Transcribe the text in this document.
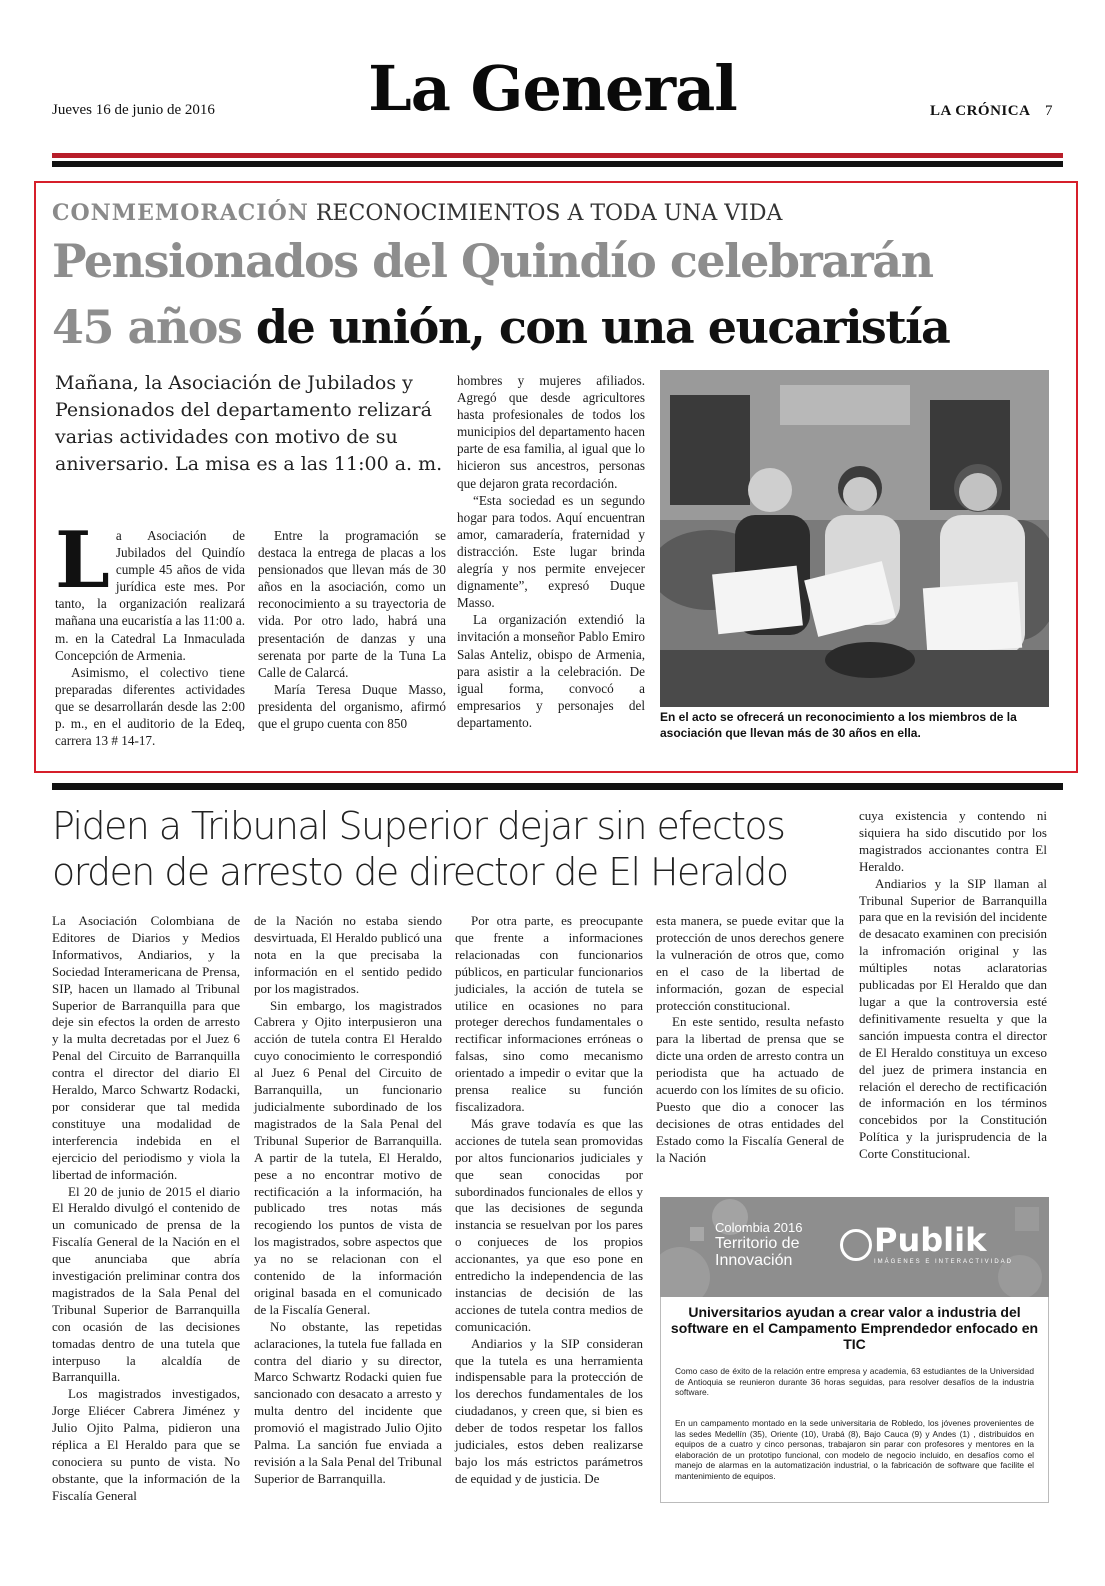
Jueves 16 de junio de 2016	La General	LA CRÓNICA 7
CONMEMORACIÓN RECONOCIMIENTOS A TODA UNA VIDA
Pensionados del Quindío celebrarán
45 años de unión, con una eucaristía
Mañana, la Asociación de Jubilados y Pensionados del departamento relizará varias actividades con motivo de su aniversario. La misa es a las 11:00 a. m.

La Asociación de Jubilados del Quindío cumple 45 años de vida jurídica este mes. Por tanto, la organización realizará mañana una eucaristía a las 11:00 a. m. en la Catedral La Inmaculada Concepción de Armenia.

Asimismo, el colectivo tiene preparadas diferentes actividades que se desarrollarán desde las 2:00 p. m., en el auditorio de la Edeq, carrera 13 # 14-17.

Entre la programación se destaca la entrega de placas a los pensionados que llevan más de 30 años en la asociación, como un reconocimiento a su trayectoria de vida. Por otro lado, habrá una presentación de danzas y una serenata por parte de la Tuna La Calle de Calarcá.

María Teresa Duque Masso, presidenta del organismo, afirmó que el grupo cuenta con 850

hombres y mujeres afiliados. Agregó que desde agricultores hasta profesionales de todos los municipios del departamento hacen parte de esa familia, al igual que lo hicieron sus ancestros, personas que dejaron grata recordación.

“Esta sociedad es un segundo hogar para todos. Aquí encuentran amor, camaradería, fraternidad y distracción. Este lugar brinda alegría y nos permite envejecer dignamente”, expresó Duque Masso.

La organización extendió la invitación a monseñor Pablo Emiro Salas Anteliz, obispo de Armenia, para asistir a la celebración. De igual forma, convocó a empresarios y personajes del departamento.	En el acto se ofrecerá un reconocimiento a los miembros de la asociación que llevan más de 30 años en ella.
Piden a Tribunal Superior dejar sin efectos orden de arresto de director de El Heraldo

La Asociación Colombiana de Editores de Diarios y Medios Informativos, Andiarios, y la Sociedad Interamericana de Prensa, SIP, hacen un llamado al Tribunal Superior de Barranquilla para que deje sin efectos la orden de arresto y la multa decretadas por el Juez 6 Penal del Circuito de Barranquilla contra el director del diario El Heraldo, Marco Schwartz Rodacki, por considerar que tal medida constituye una modalidad de interferencia indebida en el ejercicio del periodismo y viola la libertad de información.

El 20 de junio de 2015 el diario El Heraldo divulgó el contenido de un comunicado de prensa de la Fiscalía General de la Nación en el que anunciaba que abría investigación preliminar contra dos magistrados de la Sala Penal del Tribunal Superior de Barranquilla con ocasión de las decisiones tomadas dentro de una tutela que interpuso la alcaldía de Barranquilla.

Los magistrados investigados, Jorge Eliécer Cabrera Jiménez y Julio Ojito Palma, pidieron una réplica a El Heraldo para que se conociera su punto de vista. No obstante, que la información de la Fiscalía General

de la Nación no estaba siendo desvirtuada, El Heraldo publicó una nota en la que precisaba la información en el sentido pedido por los magistrados.

Sin embargo, los magistrados Cabrera y Ojito interpusieron una acción de tutela contra El Heraldo cuyo conocimiento le correspondió al Juez 6 Penal del Circuito de Barranquilla, un funcionario judicialmente subordinado de los magistrados de la Sala Penal del Tribunal Superior de Barranquilla. A partir de la tutela, El Heraldo, pese a no encontrar motivo de rectificación a la información, ha publicado tres notas más recogiendo los puntos de vista de los magistrados, sobre aspectos que ya no se relacionan con el contenido de la información original basada en el comunicado de la Fiscalía General.

No obstante, las repetidas aclaraciones, la tutela fue fallada en contra del diario y su director, Marco Schwartz Rodacki quien fue sancionado con desacato a arresto y multa dentro del incidente que promovió el magistrado Julio Ojito Palma. La sanción fue enviada a revisión a la Sala Penal del Tribunal Superior de Barranquilla.

Por otra parte, es preocupante que frente a informaciones relacionadas con funcionarios públicos, en particular funcionarios judiciales, la acción de tutela se utilice en ocasiones no para proteger derechos fundamentales o rectificar informaciones erróneas o falsas, sino como mecanismo orientado a impedir o evitar que la prensa realice su función fiscalizadora.

Más grave todavía es que las acciones de tutela sean promovidas por altos funcionarios judiciales y que sean conocidas por subordinados funcionales de ellos y que las decisiones de segunda instancia se resuelvan por los pares o conjueces de los propios accionantes, ya que eso pone en entredicho la independencia de las instancias de decisión de las acciones de tutela contra medios de comunicación.

Andiarios y la SIP consideran que la tutela es una herramienta indispensable para la protección de los derechos fundamentales de los ciudadanos, y creen que, si bien es deber de todos respetar los fallos judiciales, estos deben realizarse bajo los más estrictos parámetros de equidad y de justicia. De

esta manera, se puede evitar que la protección de unos derechos genere la vulneración de otros que, como en el caso de la libertad de información, gozan de especial protección constitucional.

En este sentido, resulta nefasto para la libertad de prensa que se dicte una orden de arresto contra un periodista que ha actuado de acuerdo con los límites de su oficio. Puesto que dio a conocer las decisiones de otras entidades del Estado como la Fiscalía General de la Nación

cuya existencia y contendo ni siquiera ha sido discutido por los magistrados accionantes contra El Heraldo.

Andiarios y la SIP llaman al Tribunal Superior de Barranquilla para que en la revisión del incidente de desacato examinen con precisión la infromación original y las múltiples notas aclaratorias publicadas por El Heraldo que dan lugar a que la controversia esté definitivamente resuelta y que la sanción impuesta contra el director de El Heraldo constituya un exceso del juez de primera instancia en relación el derecho de rectificación de información en los términos concebidos por la Constitución Política y la jurisprudencia de la Corte Constitucional.

Colombia 2016
Territorio de
Innovación
Publik
IMÁGENES E INTERACTIVIDAD
Universitarios ayudan a crear valor a industria del software en el Campamento Emprendedor enfocado en TIC
Como caso de éxito de la relación entre empresa y academia, 63 estudiantes de la Universidad de Antioquia se reunieron durante 36 horas seguidas, para resolver desafíos de la industria software.
En un campamento montado en la sede universitaria de Robledo, los jóvenes provenientes de las sedes Medellín (35), Oriente (10), Urabá (8), Bajo Cauca (9) y Andes (1) , distribuidos en equipos de a cuatro y cinco personas, trabajaron sin parar con profesores y mentores en la elaboración de un prototipo funcional, con modelo de negocio incluido, en desafíos como el manejo de alarmas en la automatización industrial, o la fabricación de software que facilite el mantenimiento de equipos.
